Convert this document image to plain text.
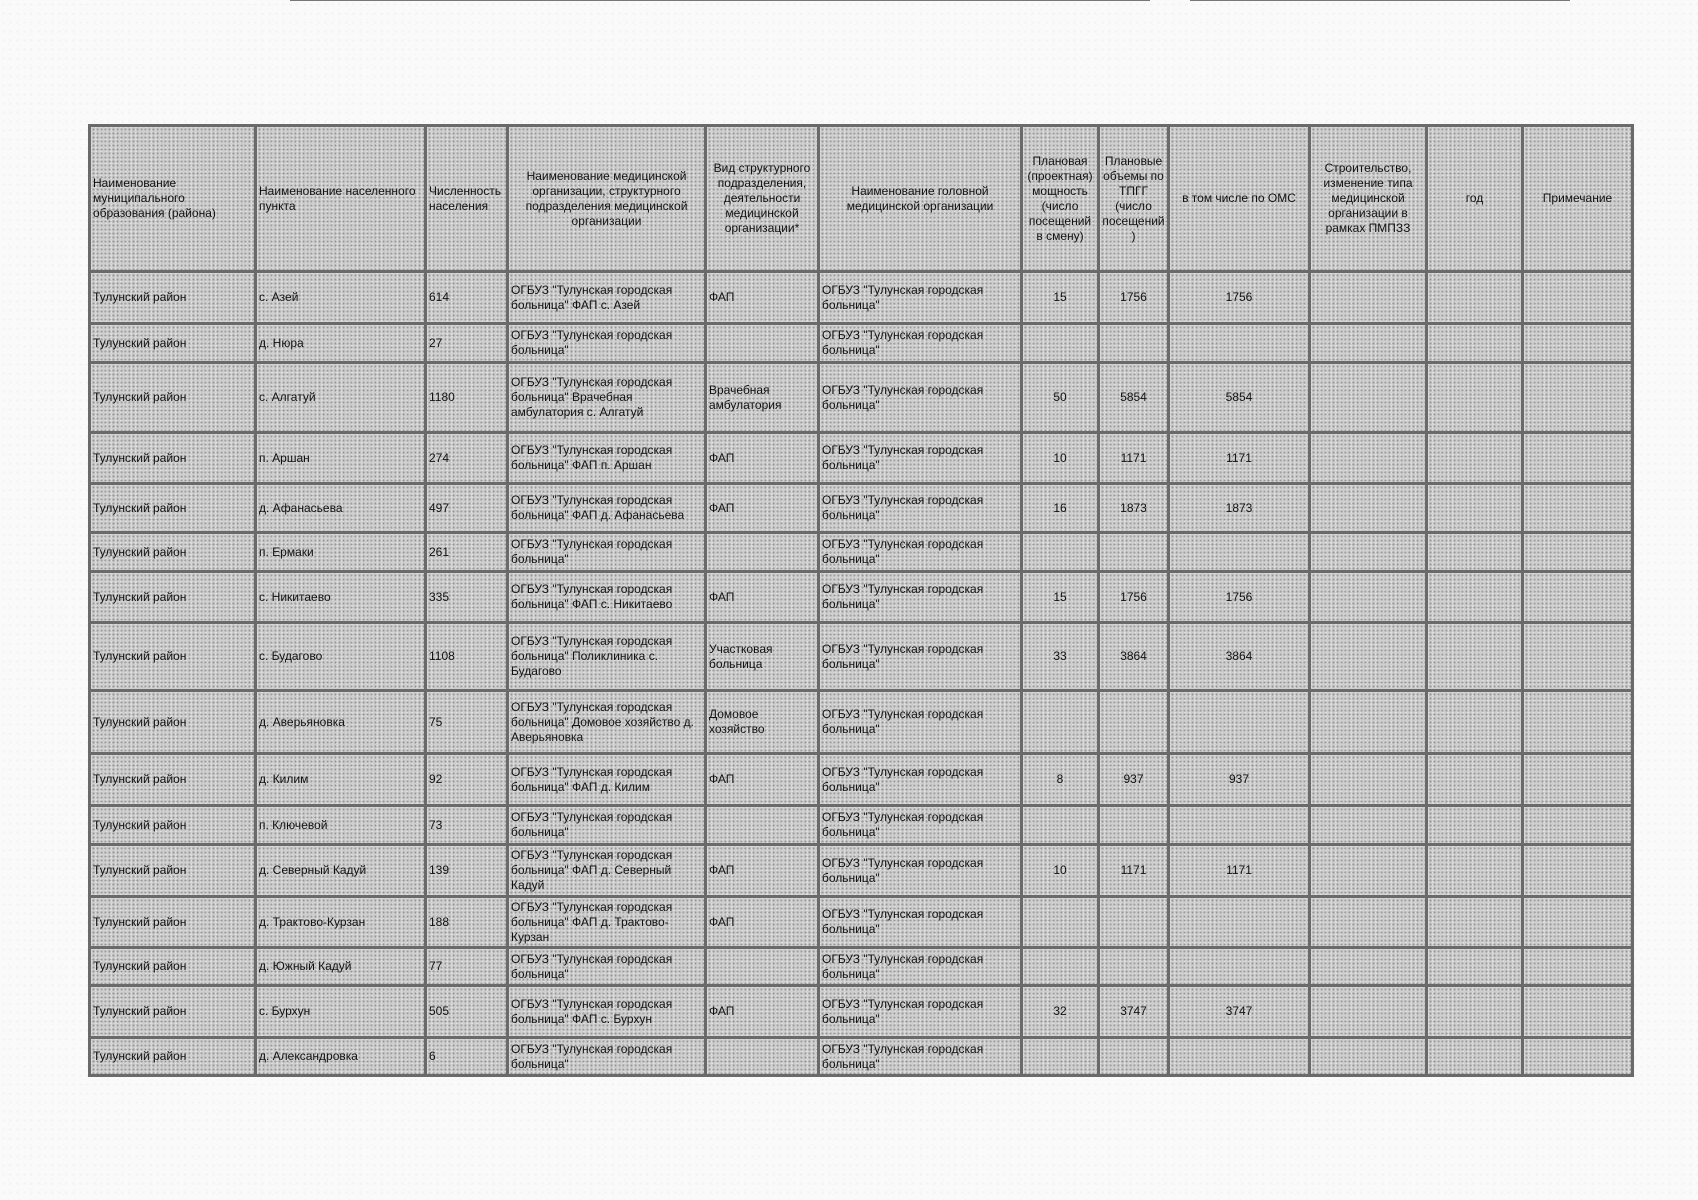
Наименование муниципального образования (района)	Наименование населенного пункта	Численность населения	Наименование медицинской организации, структурного подразделения медицинской организации	Вид структурного подразделения, деятельности медицинской организации*	Наименование головной медицинской организации	Плановая (проектная) мощность (число посещений в смену)	Плановые объемы по ТПГГ (число посещений )	в том числе по ОМС	Строительство, изменение типа медицинской организации в рамках ПМПЗЗ	год	Примечание
Тулунский район	с. Азей	614	ОГБУЗ "Тулунская городская больница" ФАП с. Азей	ФАП	ОГБУЗ "Тулунская городская больница"	15	1756	1756			
Тулунский район	д. Нюра	27	ОГБУЗ "Тулунская городская больница"		ОГБУЗ "Тулунская городская больница"						
Тулунский район	с. Алгатуй	1180	ОГБУЗ "Тулунская городская больница" Врачебная амбулатория с. Алгатуй	Врачебная амбулатория	ОГБУЗ "Тулунская городская больница"	50	5854	5854			
Тулунский район	п. Аршан	274	ОГБУЗ "Тулунская городская больница" ФАП п. Аршан	ФАП	ОГБУЗ "Тулунская городская больница"	10	1171	1171			
Тулунский район	д. Афанасьева	497	ОГБУЗ "Тулунская городская больница" ФАП д. Афанасьева	ФАП	ОГБУЗ "Тулунская городская больница"	16	1873	1873			
Тулунский район	п. Ермаки	261	ОГБУЗ "Тулунская городская больница"		ОГБУЗ "Тулунская городская больница"						
Тулунский район	с. Никитаево	335	ОГБУЗ "Тулунская городская больница" ФАП с. Никитаево	ФАП	ОГБУЗ "Тулунская городская больница"	15	1756	1756			
Тулунский район	с. Будагово	1108	ОГБУЗ "Тулунская городская больница" Поликлиника с. Будагово	Участковая больница	ОГБУЗ "Тулунская городская больница"	33	3864	3864			
Тулунский район	д. Аверьяновка	75	ОГБУЗ "Тулунская городская больница" Домовое хозяйство д. Аверьяновка	Домовое хозяйство	ОГБУЗ "Тулунская городская больница"						
Тулунский район	д. Килим	92	ОГБУЗ "Тулунская городская больница" ФАП д. Килим	ФАП	ОГБУЗ "Тулунская городская больница"	8	937	937			
Тулунский район	п. Ключевой	73	ОГБУЗ "Тулунская городская больница"		ОГБУЗ "Тулунская городская больница"						
Тулунский район	д. Северный Кадуй	139	ОГБУЗ "Тулунская городская больница" ФАП д. Северный Кадуй	ФАП	ОГБУЗ "Тулунская городская больница"	10	1171	1171			
Тулунский район	д. Трактово-Курзан	188	ОГБУЗ "Тулунская городская больница" ФАП д. Трактово-Курзан	ФАП	ОГБУЗ "Тулунская городская больница"						
Тулунский район	д. Южный Кадуй	77	ОГБУЗ "Тулунская городская больница"		ОГБУЗ "Тулунская городская больница"						
Тулунский район	с. Бурхун	505	ОГБУЗ "Тулунская городская больница" ФАП с. Бурхун	ФАП	ОГБУЗ "Тулунская городская больница"	32	3747	3747			
Тулунский район	д. Александровка	6	ОГБУЗ "Тулунская городская больница"		ОГБУЗ "Тулунская городская больница"						
